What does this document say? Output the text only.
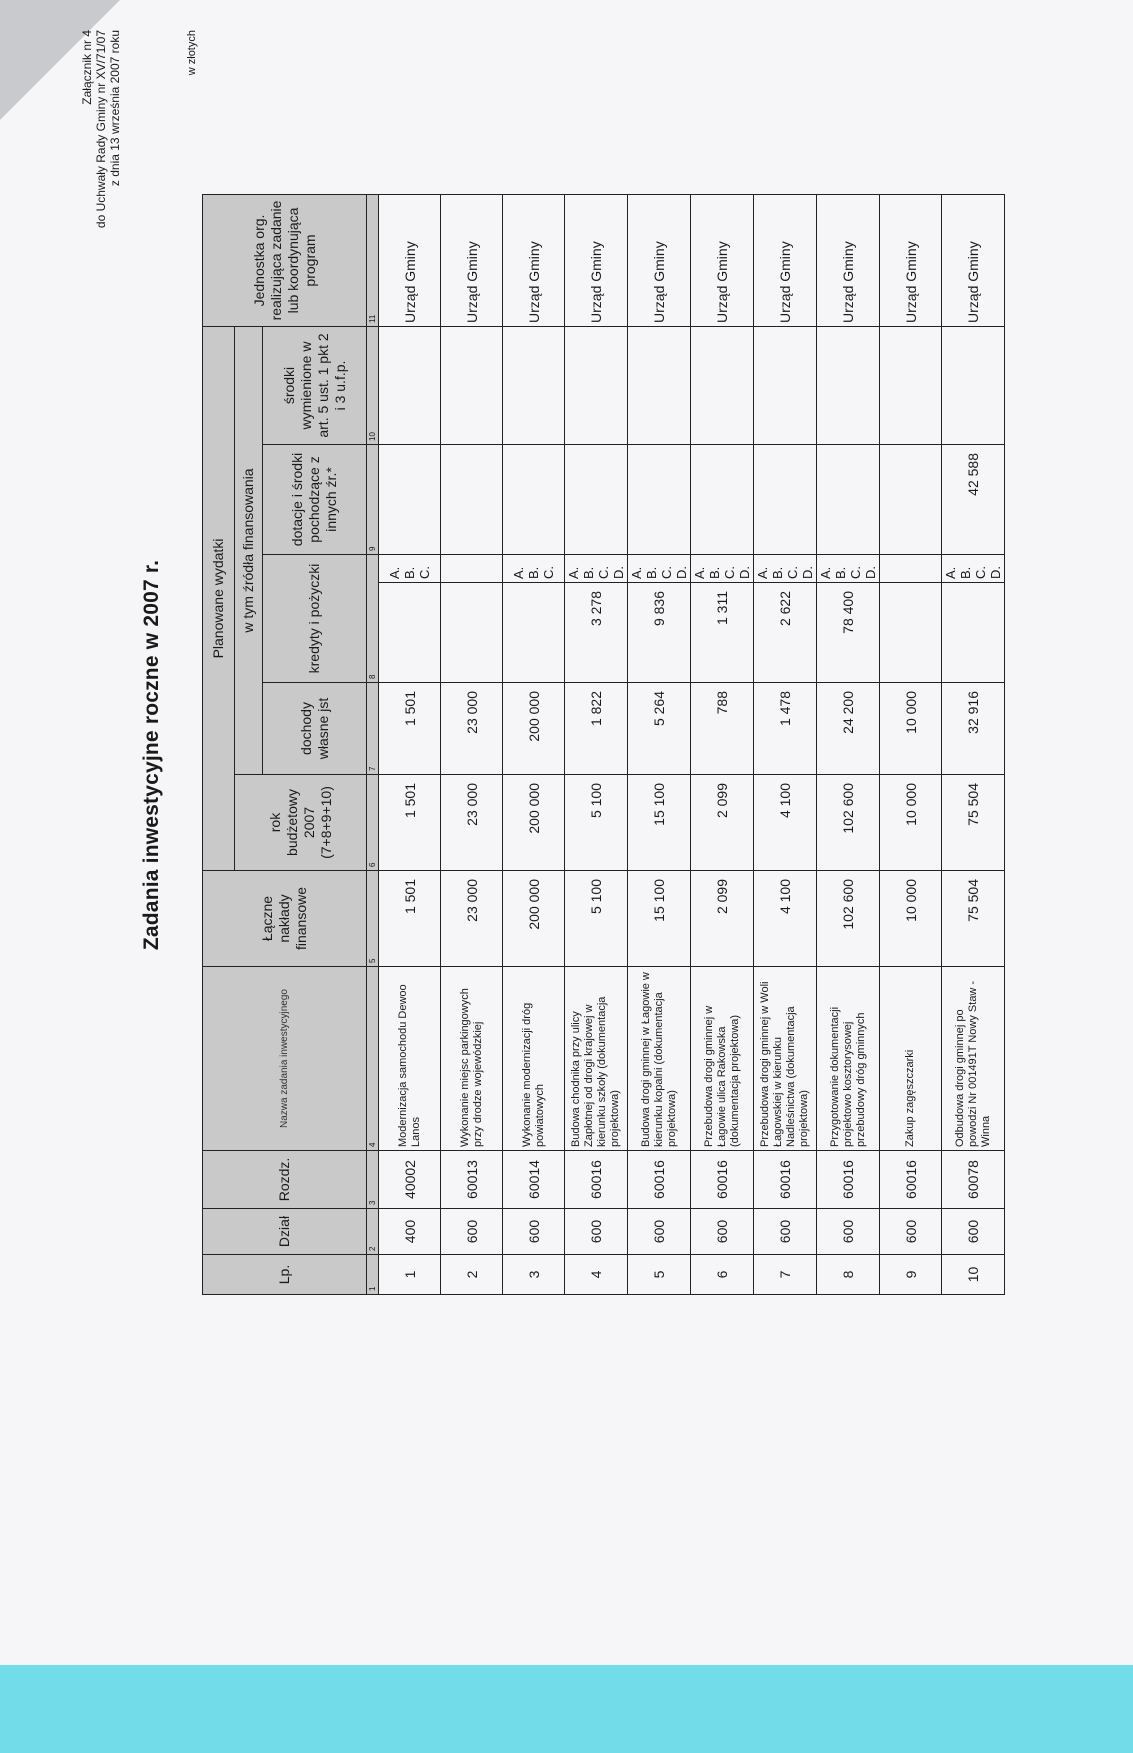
Załącznik nr 4 do Uchwały Rady Gminy nr XV/71/07 z dnia 13 września 2007 roku
Zadania inwestycyjne roczne w 2007 r.
w złotych
Lp.	Dział	Rozdz.	Nazwa zadania inwestycyjnego	Łączne nakłady finansowe	Planowane wydatki						Jednostka org. realizująca zadanie lub koordynująca program
					rok budżetowy 2007 (7+8+9+10)	w tym źródła finansowania					
						dochody własne jst	kredyty i pożyczki		dotacje i środki pochodzące z innych źr.*	środki wymienione w art. 5 ust. 1 pkt 2 i 3 u.f.p.	
1	2	3	4	5	6	7	8		9	10	11
1	400	40002	Modernizacja samochodu Dewoo Lanos	1 501	1 501	1 501		A.
B.
C.			Urząd Gminy
2	600	60013	Wykonanie miejsc parkingowych przy drodze wojewódzkiej	23 000	23 000	23 000					Urząd Gminy
3	600	60014	Wykonanie modernizacji dróg powiatowych	200 000	200 000	200 000		A.
B.
C.			Urząd Gminy
4	600	60016	Budowa chodnika przy ulicy Zapłotnej od drogi krajowej w kierunku szkoły (dokumentacja projektowa)	5 100	5 100	1 822	3 278	A.
B.
C.
D.			Urząd Gminy
5	600	60016	Budowa drogi gminnej w Łagowie w kierunku kopalni (dokumentacja projektowa)	15 100	15 100	5 264	9 836	A.
B.
C.
D.			Urząd Gminy
6	600	60016	Przebudowa drogi gminnej w Łagowie ulica Rakowska (dokumentacja projektowa)	2 099	2 099	788	1 311	A.
B.
C.
D.			Urząd Gminy
7	600	60016	Przebudowa drogi gminnej w Woli Łagowskiej w kierunku Nadleśnictwa (dokumentacja projektowa)	4 100	4 100	1 478	2 622	A.
B.
C.
D.			Urząd Gminy
8	600	60016	Przygotowanie dokumentacji projektowo kosztorysowej przebudowy dróg gminnych	102 600	102 600	24 200	78 400	A.
B.
C.
D.			Urząd Gminy
9	600	60016	Zakup zagęszczarki	10 000	10 000	10 000					Urząd Gminy
10	600	60078	Odbudowa drogi gminnej po powodzi Nr 001491T Nowy Staw - Winna	75 504	75 504	32 916		A.
B.
C.
D.	42 588		Urząd Gminy
